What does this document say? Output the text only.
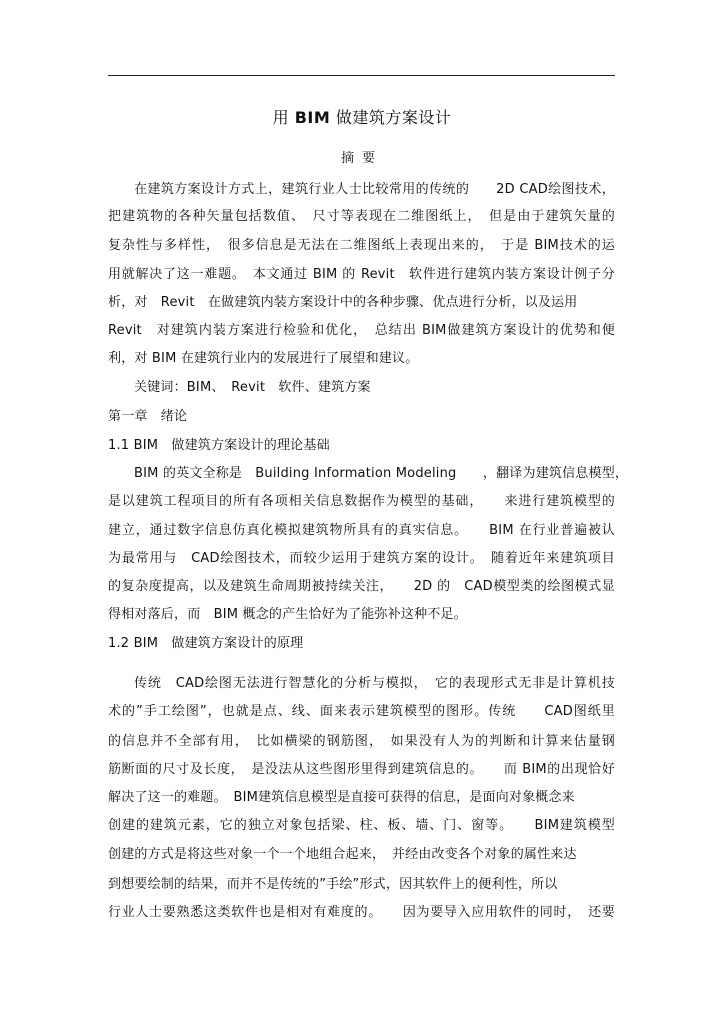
用 BIM 做建筑方案设计
摘要
在建筑方案设计方式上，建筑行业人士比较常用的传统的　　2D CAD绘图技术，
把建筑物的各种矢量包括数值、　尺寸等表现在二维图纸上，　但是由于建筑矢量的
复杂性与多样性，　很多信息是无法在二维图纸上表现出来的，　于是 BIM技术的运
用就解决了这一难题。　本文通过 BIM 的 Revit　软件进行建筑内装方案设计例子分
析，对　Revit　在做建筑内装方案设计中的各种步骤、优点进行分析，以及运用
Revit　对建筑内装方案进行检验和优化，　总结出 BIM做建筑方案设计的优势和便
利，对 BIM 在建筑行业内的发展进行了展望和建议。
关键词：BIM、　Revit　软件、建筑方案
第一章　绪论
1.1 BIM　做建筑方案设计的理论基础
BIM 的英文全称是　Building Information Modeling　　，翻译为建筑信息模型，
是以建筑工程项目的所有各项相关信息数据作为模型的基础，　　来进行建筑模型的
建立，通过数字信息仿真化模拟建筑物所具有的真实信息。　　BIM 在行业普遍被认
为最常用与　CAD绘图技术，而较少运用于建筑方案的设计。　随着近年来建筑项目
的复杂度提高，以及建筑生命周期被持续关注，　　2D 的　CAD模型类的绘图模式显
得相对落后，而　BIM 概念的产生恰好为了能弥补这种不足。
1.2 BIM　做建筑方案设计的原理
传统　CAD绘图无法进行智慧化的分析与模拟，　它的表现形式无非是计算机技
术的”手工绘图”，也就是点、线、面来表示建筑模型的图形。传统　　CAD图纸里
的信息并不全部有用，　比如横梁的钢筋图，　如果没有人为的判断和计算来估量钢
筋断面的尺寸及长度，　是没法从这些图形里得到建筑信息的。　　而 BIM的出现恰好
解决了这一的难题。　BIM建筑信息模型是直接可获得的信息，是面向对象概念来
创建的建筑元素，它的独立对象包括梁、柱、板、墙、门、窗等。　　BIM建筑模型
创建的方式是将这些对象一个一个地组合起来，　并经由改变各个对象的属性来达
到想要绘制的结果，而并不是传统的”手绘”形式，因其软件上的便利性，所以
行业人士要熟悉这类软件也是相对有难度的。　　因为要导入应用软件的同时，　还要
